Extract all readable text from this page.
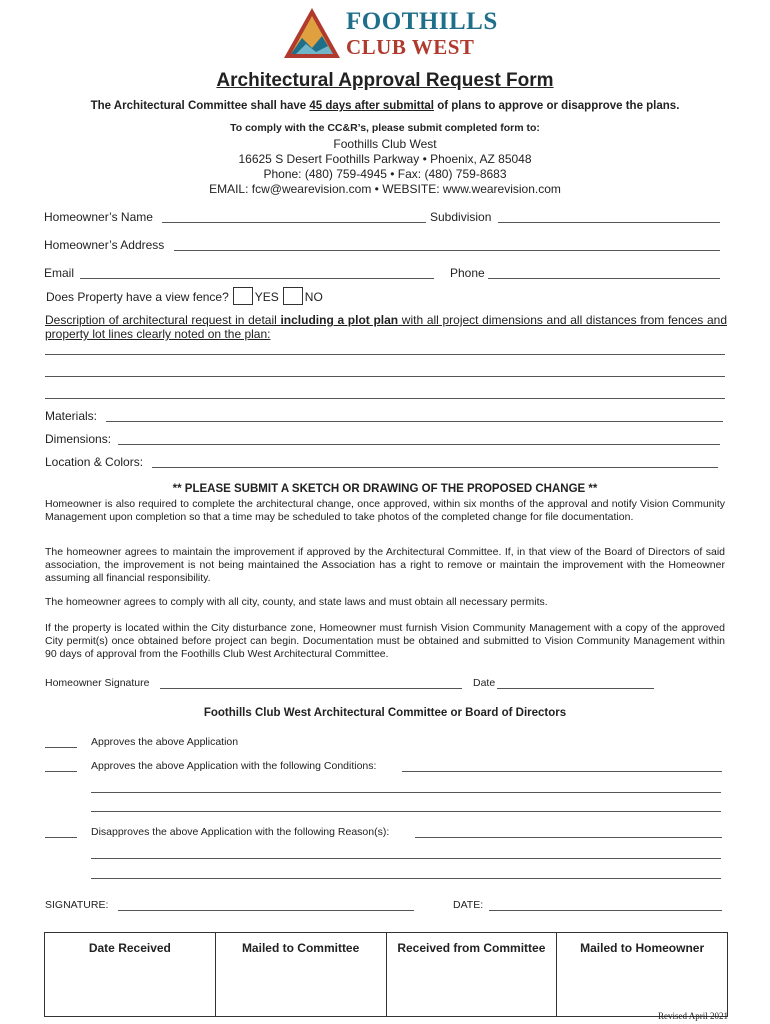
FOOTHILLS
CLUB WEST
Architectural Approval Request Form
The Architectural Committee shall have 45 days after submittal of plans to approve or disapprove the plans.
To comply with the CC&R’s, please submit completed form to:
Foothills Club West
16625 S Desert Foothills Parkway • Phoenix, AZ 85048
Phone: (480) 759-4945 • Fax: (480) 759-8683
EMAIL: fcw@wearevision.com • WEBSITE: www.wearevision.com
Homeowner’s Name	Subdivision
Homeowner’s Address
Email	Phone
Does Property have a view fence? YES NO
Description of architectural request in detail including a plot plan with all project dimensions and all distances from fences and property lot lines clearly noted on the plan:
Materials:
Dimensions:
Location & Colors:
** PLEASE SUBMIT A SKETCH OR DRAWING OF THE PROPOSED CHANGE **
Homeowner is also required to complete the architectural change, once approved, within six months of the approval and notify Vision Community Management upon completion so that a time may be scheduled to take photos of the completed change for file documentation.
The homeowner agrees to maintain the improvement if approved by the Architectural Committee. If, in that view of the Board of Directors of said association, the improvement is not being maintained the Association has a right to remove or maintain the improvement with the Homeowner assuming all financial responsibility.
The homeowner agrees to comply with all city, county, and state laws and must obtain all necessary permits.
If the property is located within the City disturbance zone, Homeowner must furnish Vision Community Management with a copy of the approved City permit(s) once obtained before project can begin. Documentation must be obtained and submitted to Vision Community Management within 90 days of approval from the Foothills Club West Architectural Committee.
Homeowner Signature	Date
Foothills Club West Architectural Committee or Board of Directors
Approves the above Application
Approves the above Application with the following Conditions:
Disapproves the above Application with the following Reason(s):
SIGNATURE:	DATE:
Date Received	Mailed to Committee	Received from Committee	Mailed to Homeowner
Revised April 2021
